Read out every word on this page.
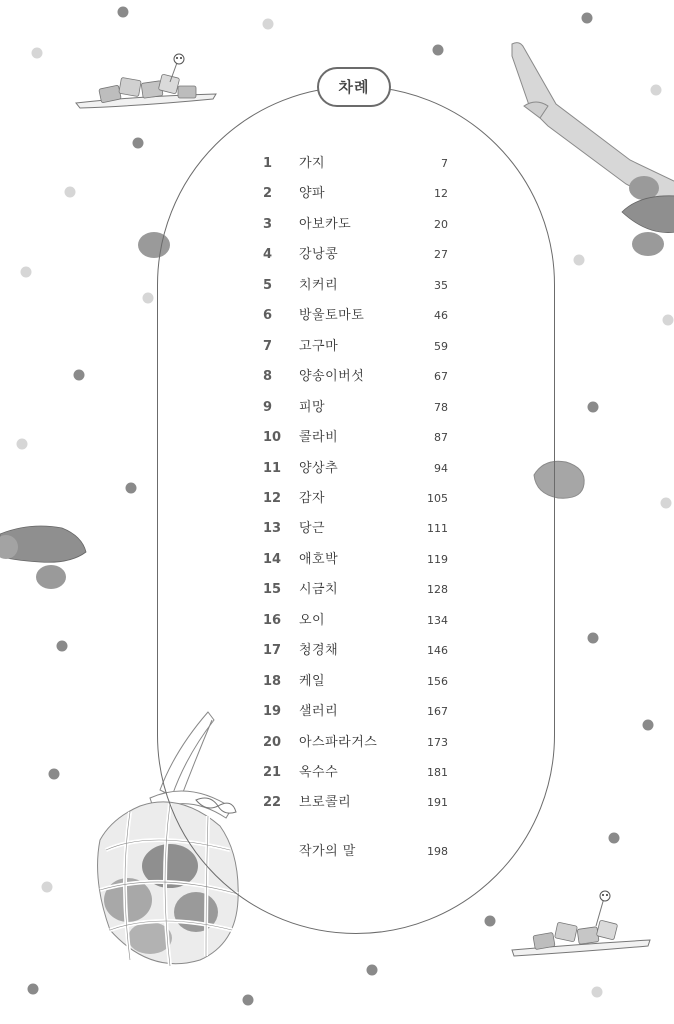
차례
1	가지	7
2	양파	12
3	아보카도	20
4	강낭콩	27
5	치커리	35
6	방울토마토	46
7	고구마	59
8	양송이버섯	67
9	피망	78
10	콜라비	87
11	양상추	94
12	감자	105
13	당근	111
14	애호박	119
15	시금치	128
16	오이	134
17	청경채	146
18	케일	156
19	샐러리	167
20	아스파라거스	173
21	옥수수	181
22	브로콜리	191
작가의 말	198
